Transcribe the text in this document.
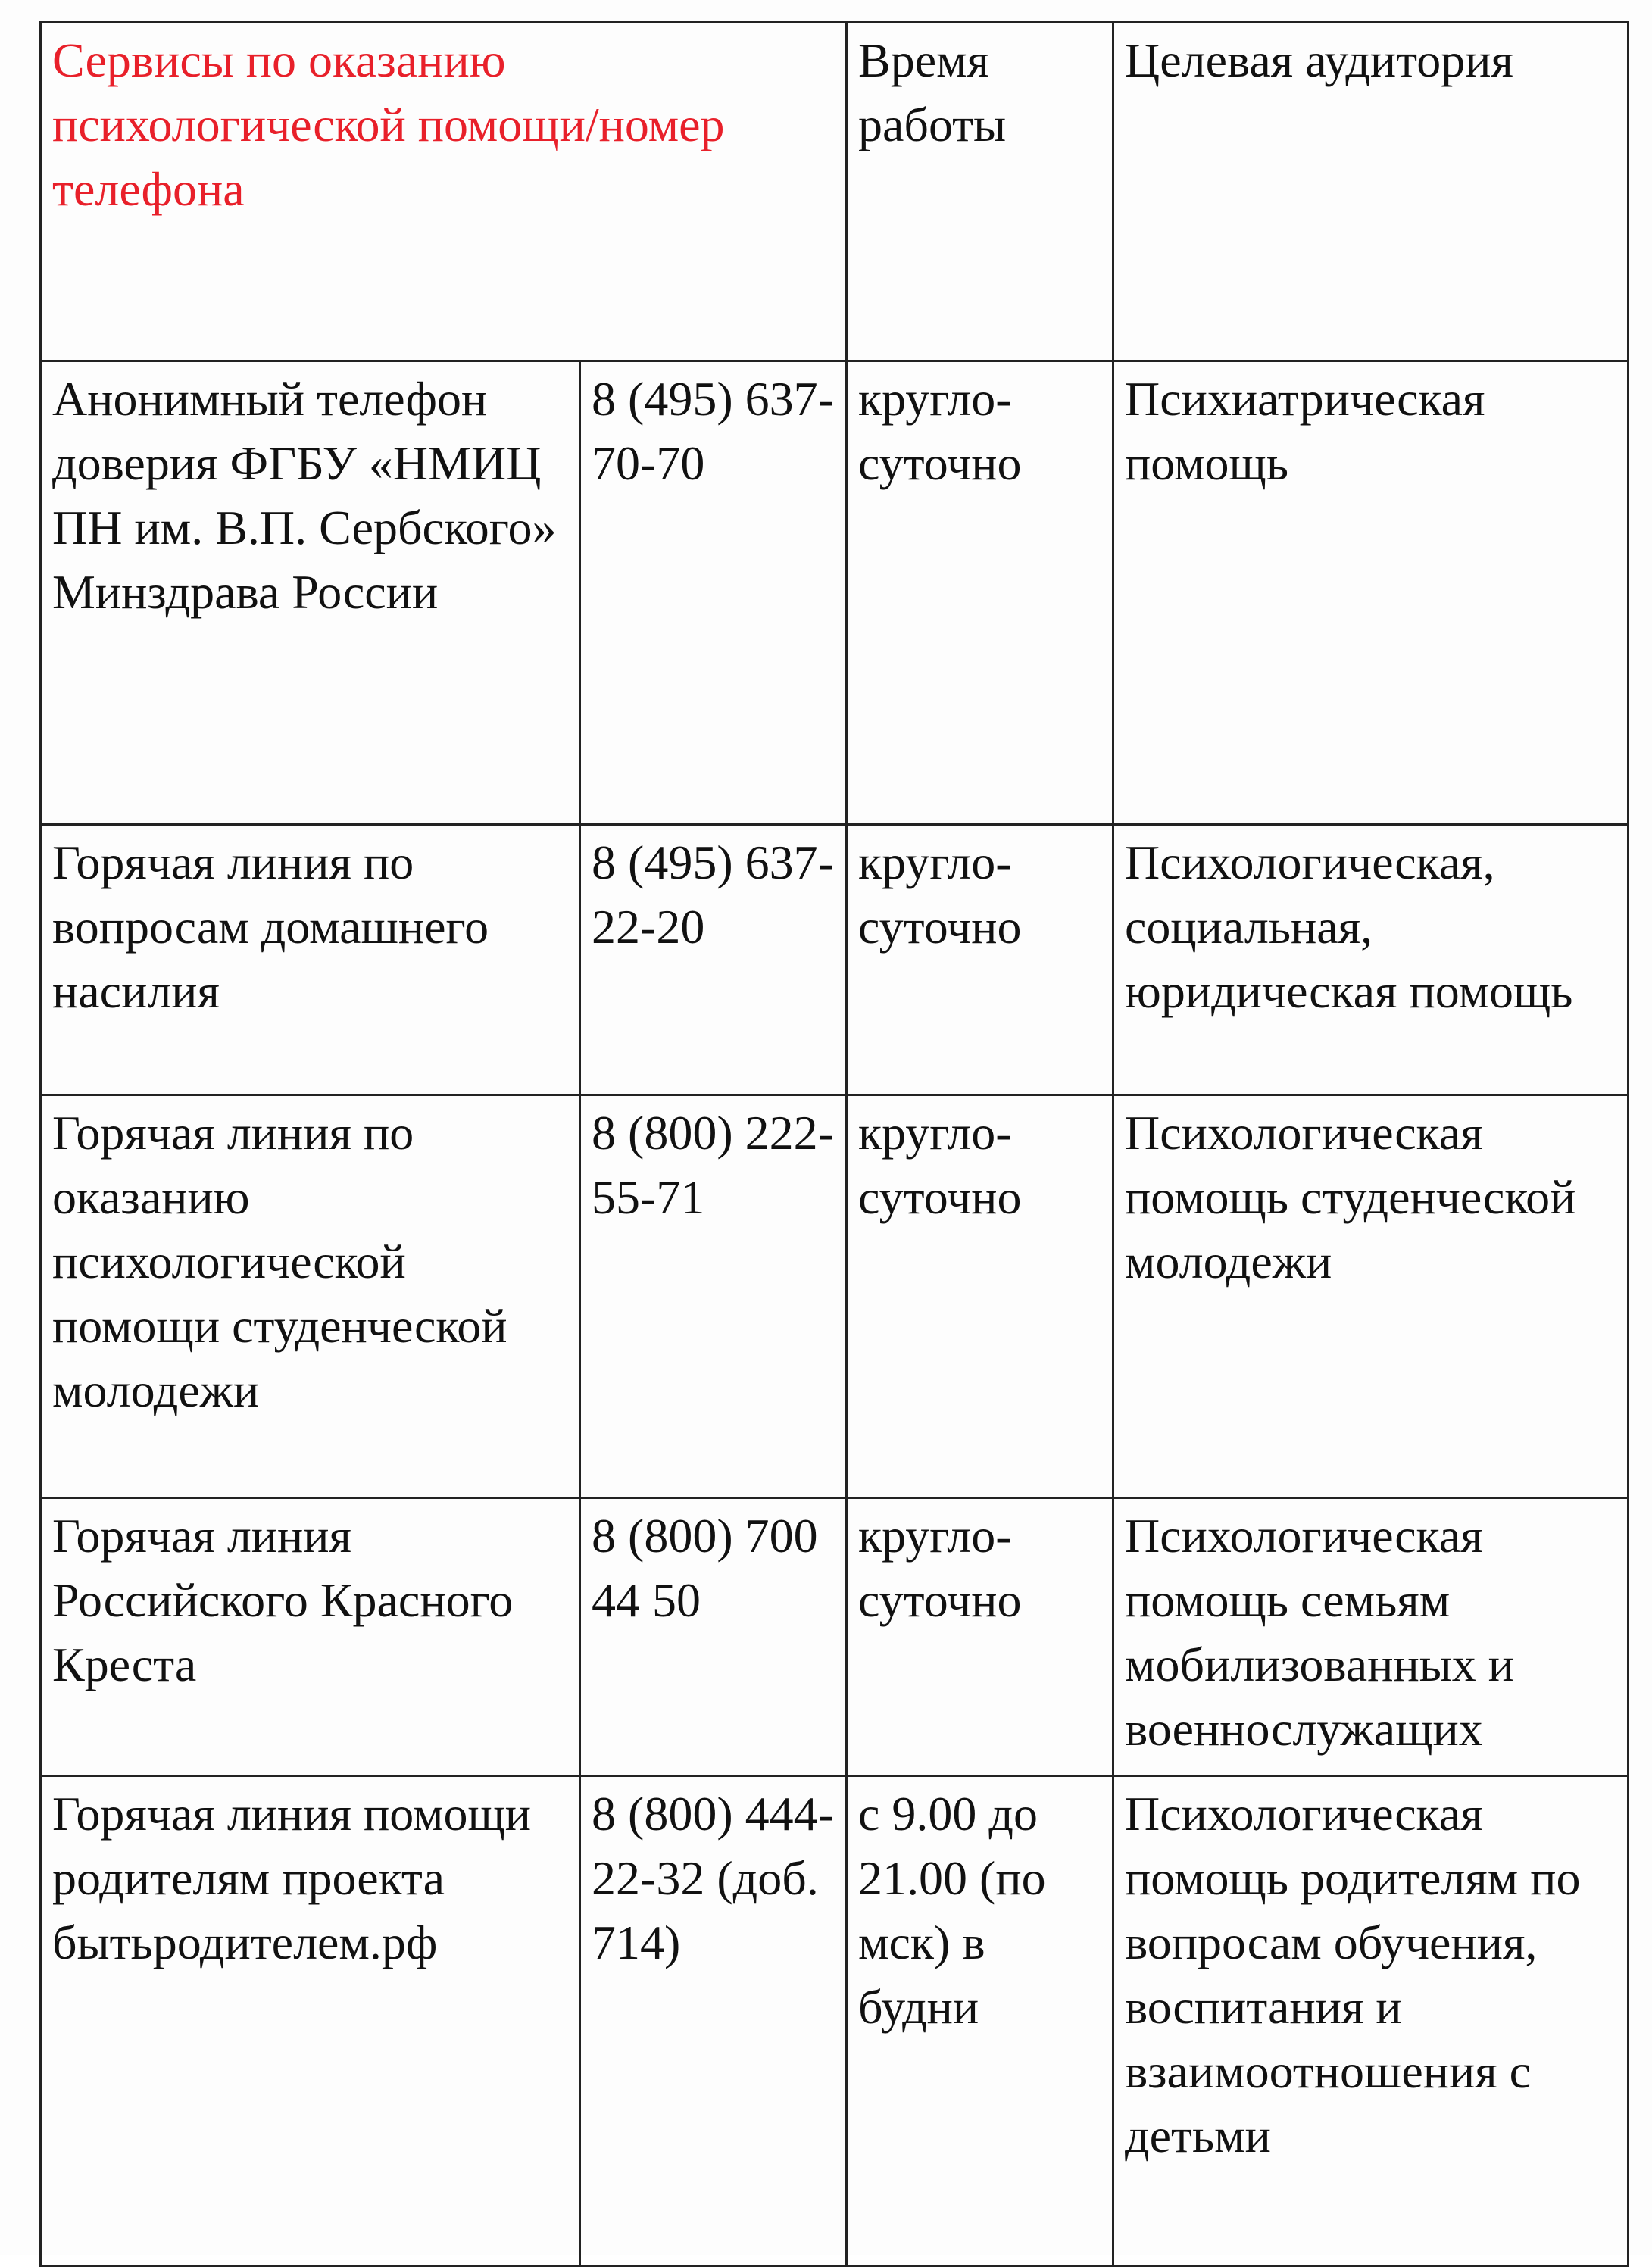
Сервисы по оказанию психологической помощи/номер телефона		Время работы	Целевая аудитория
Анонимный телефон доверия ФГБУ «НМИЦ ПН им. В.П. Сербского» Минздрава России	8 (495) 637-70-70	кругло-суточно	Психиатрическая помощь
Горячая линия по вопросам домашнего насилия	8 (495) 637-22-20	кругло-суточно	Психологическая, социальная, юридическая помощь
Горячая линия по оказанию психологической помощи студенческой молодежи	8 (800) 222-55-71	кругло-суточно	Психологическая помощь студенческой молодежи
Горячая линия Российского Красного Креста	8 (800) 700 44 50	кругло-суточно	Психологическая помощь семьям мобилизованных и военнослужащих
Горячая линия помощи родителям проекта бытьродителем.рф	8 (800) 444-22-32 (доб. 714)	с 9.00 до 21.00 (по мск) в будни	Психологическая помощь родителям по вопросам обучения, воспитания и взаимоотношения с детьми
